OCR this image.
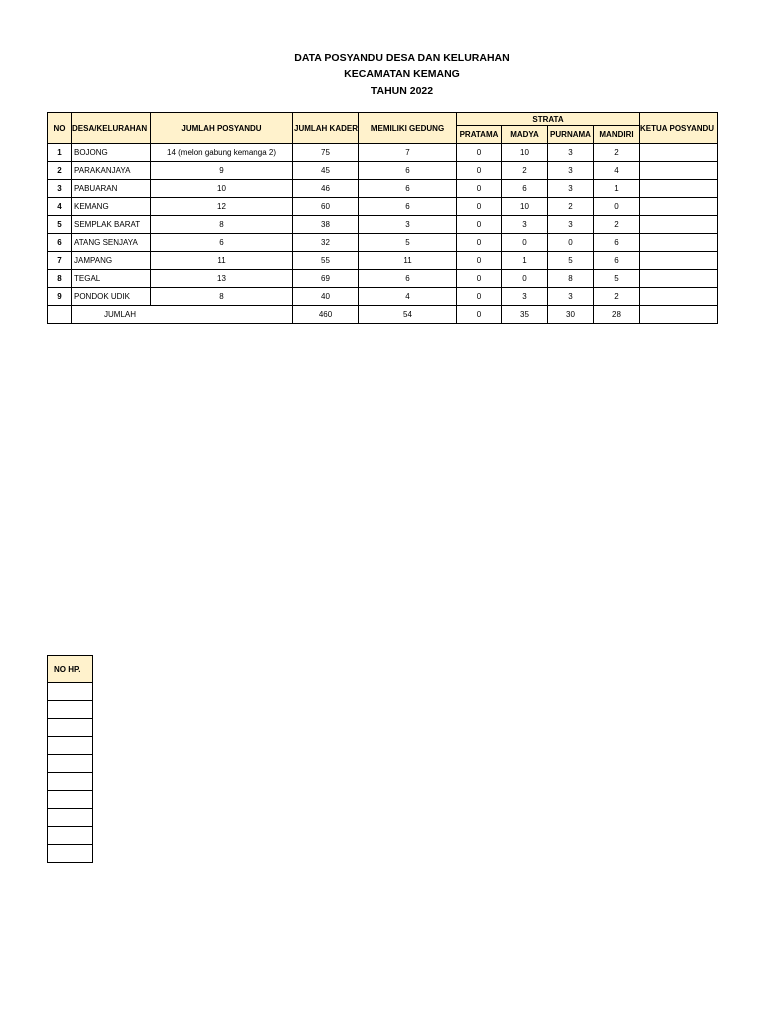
DATA POSYANDU DESA DAN KELURAHAN
KECAMATAN KEMANG
TAHUN 2022
NO	DESA/KELURAHAN	JUMLAH POSYANDU	JUMLAH KADER	MEMILIKI GEDUNG	STRATA				KETUA POSYANDU
					PRATAMA	MADYA	PURNAMA	MANDIRI	
1	BOJONG	14 (melon gabung kemanga 2)	75	7	0	10	3	2	
2	PARAKANJAYA	9	45	6	0	2	3	4	
3	PABUARAN	10	46	6	0	6	3	1	
4	KEMANG	12	60	6	0	10	2	0	
5	SEMPLAK BARAT	8	38	3	0	3	3	2	
6	ATANG SENJAYA	6	32	5	0	0	0	6	
7	JAMPANG	11	55	11	0	1	5	6	
8	TEGAL	13	69	6	0	0	8	5	
9	PONDOK UDIK	8	40	4	0	3	3	2	
	JUMLAH		460	54	0	35	30	28	
NO HP.
